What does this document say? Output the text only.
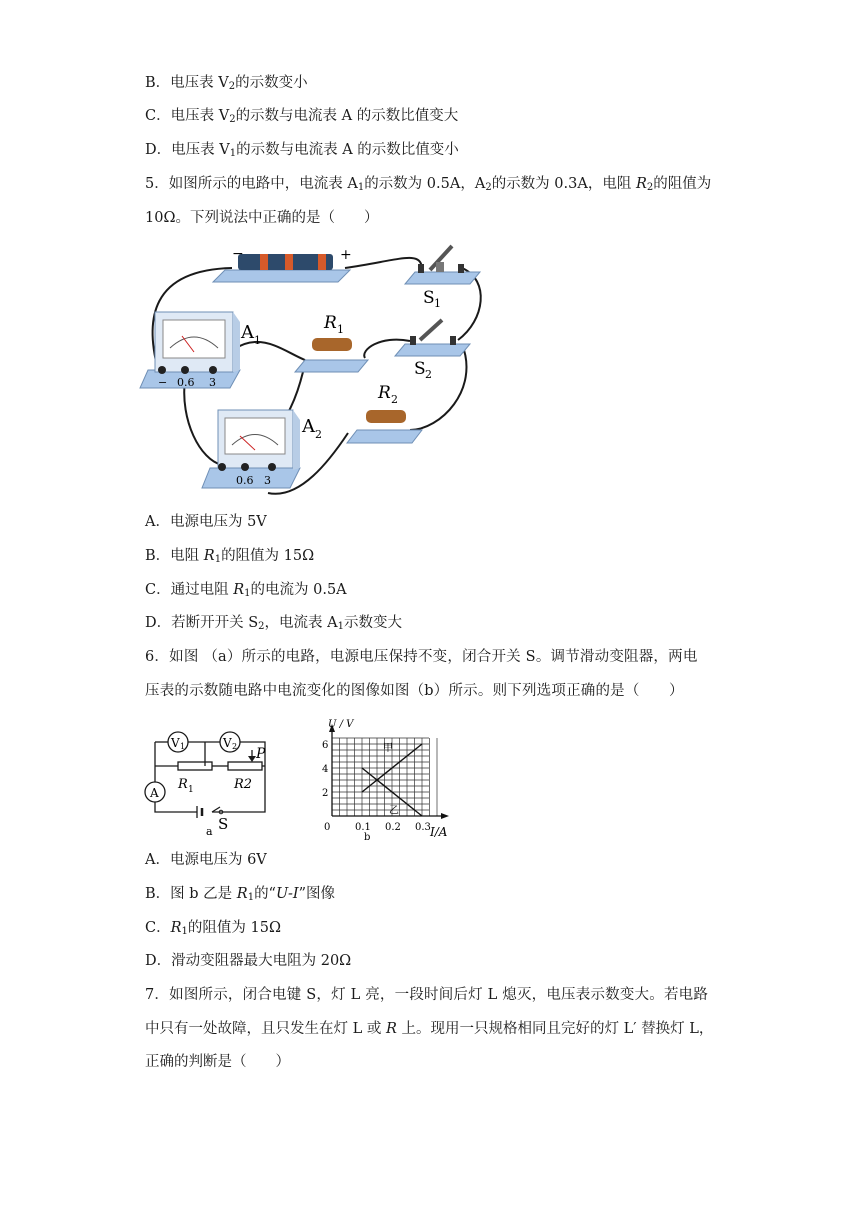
B．电压表 $V_2$的示数变小
C．电压表 $V_2$的示数与电流表 A 的示数比值变大
D．电压表 $V_1$的示数与电流表 A 的示数比值变小
5．如图所示的电路中，电流表 $A_1$的示数为 0.5A，$A_2$的示数为 0.3A，电阻 $R_2$的阻值为
10Ω。下列说法中正确的是（　　）
−	+
S 1
− 0.6 3
A 1
R 1
S 2
R 2
0.6 3
A 2
A．电源电压为 5V
B．电阻 $R_1$的阻值为 15Ω
C．通过电阻 $R_1$的电流为 0.5A
D．若断开开关 $S_2$，电流表 $A_1$示数变大
6．如图 （a）所示的电路，电源电压保持不变，闭合开关 S。调节滑动变阻器，两电
压表的示数随电路中电流变化的图像如图（b）所示。则下列选项正确的是（　　）
V 1	V 2
A
P
R 1	R2
S
a	0 0.1 0.2 0.3
2
4
6
U / V
I/A
甲
乙
b
A．电源电压为 6V
B．图 b 乙是 $R_1$的“U-I”图像
C．$R_1$的阻值为 15Ω
D．滑动变阻器最大电阻为 20Ω
7．如图所示，闭合电键 S，灯 L 亮，一段时间后灯 L 熄灭，电压表示数变大。若电路
中只有一处故障，且只发生在灯 L 或 R 上。现用一只规格相同且完好的灯 L′ 替换灯 L，
正确的判断是（　　）
